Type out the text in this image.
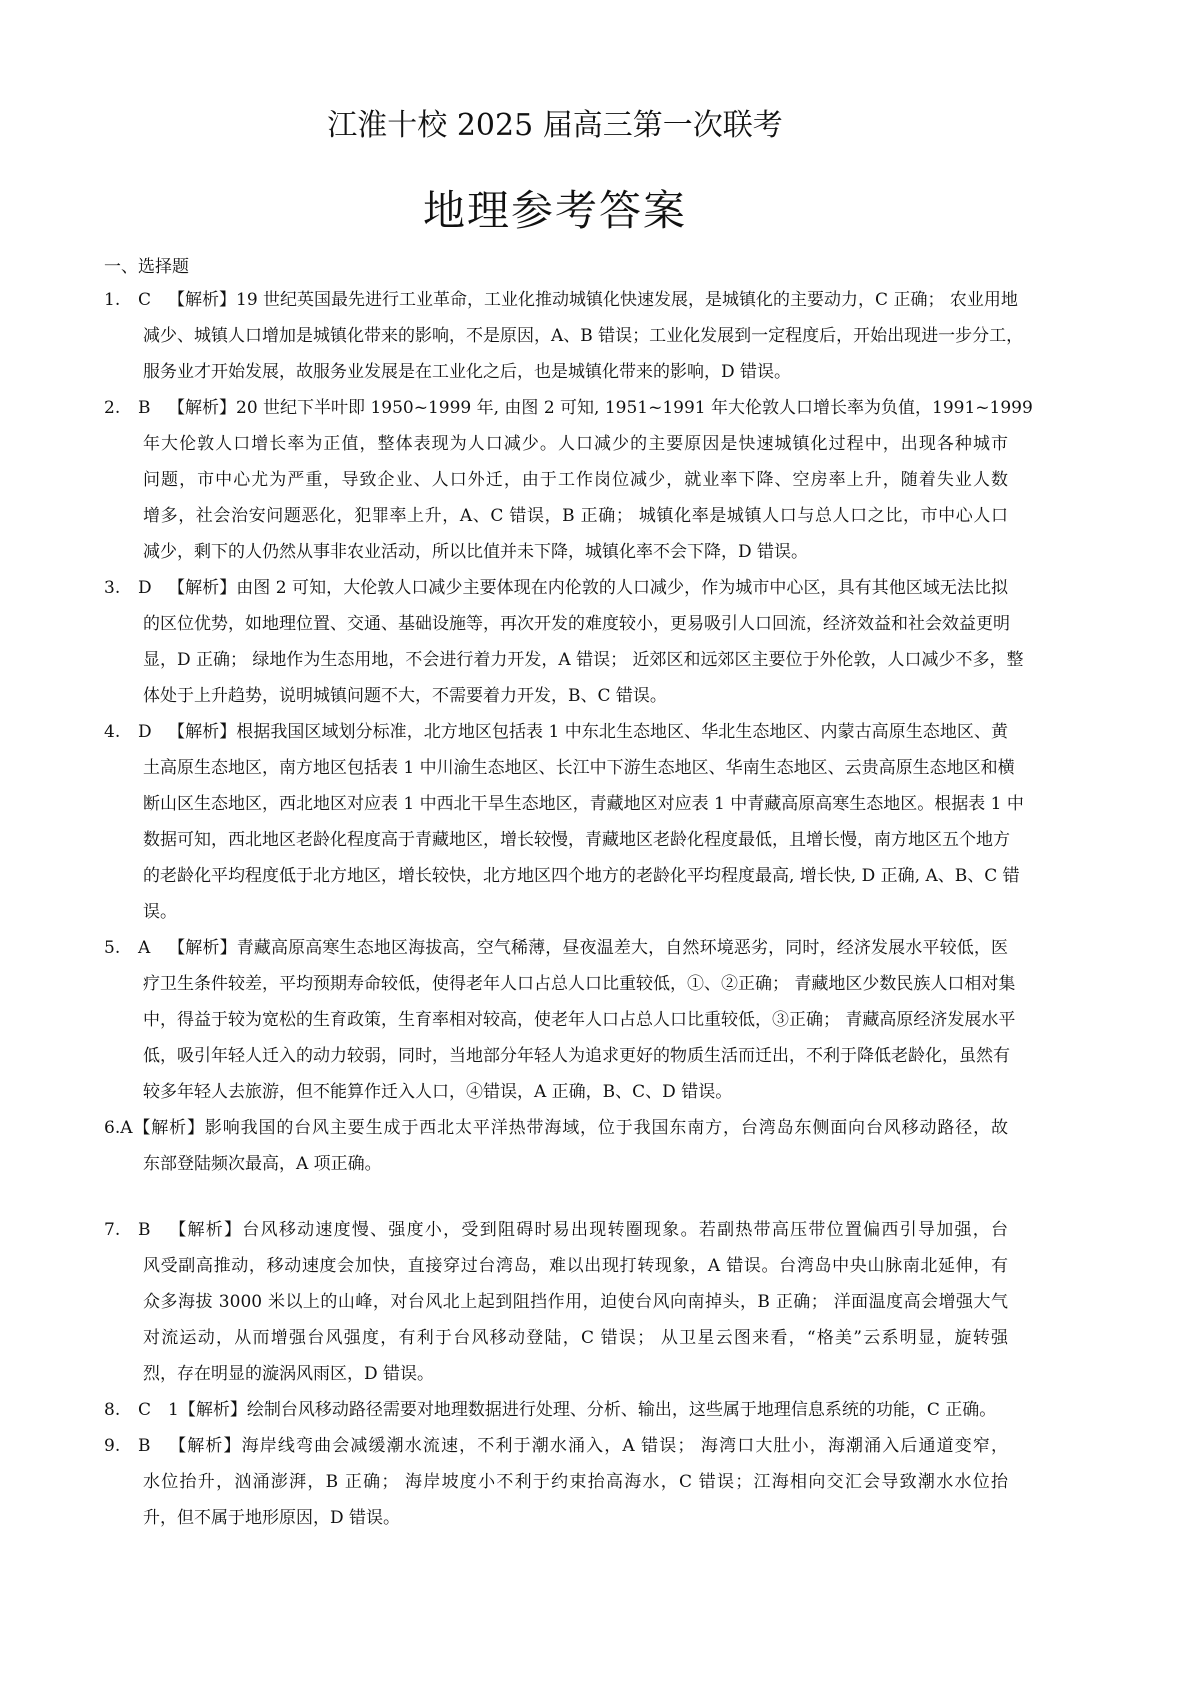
江淮十校 2025 届高三第一次联考
地理参考答案
一、选择题
1. C 【解析】19 世纪英国最先进行工业革命，工业化推动城镇化快速发展，是城镇化的主要动力，C 正确； 农业用地
减少、城镇人口增加是城镇化带来的影响，不是原因，A、B 错误；工业化发展到一定程度后，开始出现进一步分工，
服务业才开始发展，故服务业发展是在工业化之后，也是城镇化带来的影响，D 错误。
2. B 【解析】20 世纪下半叶即 1950~1999 年, 由图 2 可知, 1951~1991 年大伦敦人口增长率为负值，1991~1999
年大伦敦人口增长率为正值，整体表现为人口减少。人口减少的主要原因是快速城镇化过程中，出现各种城市
问题，市中心尤为严重，导致企业、人口外迁，由于工作岗位减少，就业率下降、空房率上升，随着失业人数
增多，社会治安问题恶化，犯罪率上升，A、C 错误，B 正确； 城镇化率是城镇人口与总人口之比，市中心人口
减少，剩下的人仍然从事非农业活动，所以比值并未下降，城镇化率不会下降，D 错误。
3. D 【解析】由图 2 可知，大伦敦人口减少主要体现在内伦敦的人口减少，作为城市中心区，具有其他区域无法比拟
的区位优势，如地理位置、交通、基础设施等，再次开发的难度较小，更易吸引人口回流，经济效益和社会效益更明
显，D 正确； 绿地作为生态用地，不会进行着力开发，A 错误； 近郊区和远郊区主要位于外伦敦，人口减少不多，整
体处于上升趋势，说明城镇问题不大，不需要着力开发，B、C 错误。
4. D 【解析】根据我国区域划分标准，北方地区包括表 1 中东北生态地区、华北生态地区、内蒙古高原生态地区、黄
土高原生态地区，南方地区包括表 1 中川渝生态地区、长江中下游生态地区、华南生态地区、云贵高原生态地区和横
断山区生态地区，西北地区对应表 1 中西北干旱生态地区，青藏地区对应表 1 中青藏高原高寒生态地区。根据表 1 中
数据可知，西北地区老龄化程度高于青藏地区，增长较慢，青藏地区老龄化程度最低，且增长慢，南方地区五个地方
的老龄化平均程度低于北方地区，增长较快，北方地区四个地方的老龄化平均程度最高, 增长快, D 正确, A、B、C 错
误。
5. A 【解析】青藏高原高寒生态地区海拔高，空气稀薄，昼夜温差大，自然环境恶劣，同时，经济发展水平较低，医
疗卫生条件较差，平均预期寿命较低，使得老年人口占总人口比重较低，①、②正确； 青藏地区少数民族人口相对集
中，得益于较为宽松的生育政策，生育率相对较高，使老年人口占总人口比重较低，③正确； 青藏高原经济发展水平
低，吸引年轻人迁入的动力较弱，同时，当地部分年轻人为追求更好的物质生活而迁出，不利于降低老龄化，虽然有
较多年轻人去旅游，但不能算作迁入人口，④错误，A 正确，B、C、D 错误。
6.A【解析】影响我国的台风主要生成于西北太平洋热带海域，位于我国东南方，台湾岛东侧面向台风移动路径，故
东部登陆频次最高，A 项正确。
7. B 【解析】台风移动速度慢、强度小，受到阻碍时易出现转圈现象。若副热带高压带位置偏西引导加强，台
风受副高推动，移动速度会加快，直接穿过台湾岛，难以出现打转现象，A 错误。台湾岛中央山脉南北延伸，有
众多海拔 3000 米以上的山峰，对台风北上起到阻挡作用，迫使台风向南掉头，B 正确； 洋面温度高会增强大气
对流运动，从而增强台风强度，有利于台风移动登陆，C 错误； 从卫星云图来看，“格美”云系明显，旋转强
烈，存在明显的漩涡风雨区，D 错误。
8. C 1【解析】绘制台风移动路径需要对地理数据进行处理、分析、输出，这些属于地理信息系统的功能，C 正确。
9. B 【解析】海岸线弯曲会减缓潮水流速，不利于潮水涌入，A 错误； 海湾口大肚小，海潮涌入后通道变窄，
水位抬升，汹涌澎湃，B 正确； 海岸坡度小不利于约束抬高海水，C 错误；江海相向交汇会导致潮水水位抬
升，但不属于地形原因，D 错误。
